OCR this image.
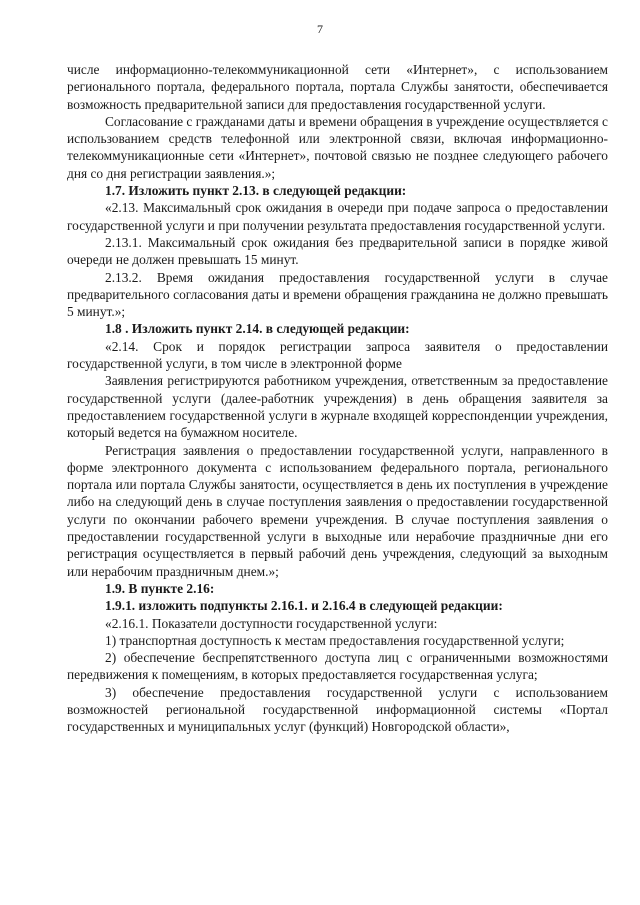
7

числе информационно-телекоммуникационной сети «Интернет», с использованием регионального портала, федерального портала, портала Службы занятости, обеспечивается возможность предварительной записи для предоставления государственной услуги.

Согласование с гражданами даты и времени обращения в учреждение осуществляется с использованием средств телефонной или электронной связи, включая информационно-телекоммуникационные сети «Интернет», почтовой связью не позднее следующего рабочего дня со дня регистрации заявления.»;

1.7. Изложить пункт 2.13. в следующей редакции:

«2.13. Максимальный срок ожидания в очереди при подаче запроса о предоставлении государственной услуги и при получении результата предоставления государственной услуги.

2.13.1. Максимальный срок ожидания без предварительной записи в порядке живой очереди не должен превышать 15 минут.

2.13.2. Время ожидания предоставления государственной услуги в случае предварительного согласования даты и времени обращения гражданина не должно превышать 5 минут.»;

1.8 . Изложить пункт 2.14. в следующей редакции:

«2.14. Срок и порядок регистрации запроса заявителя о предоставлении государственной услуги, в том числе в электронной форме

Заявления регистрируются работником учреждения, ответственным за предоставление государственной услуги (далее-работник учреждения) в день обращения заявителя за предоставлением государственной услуги в журнале входящей корреспонденции учреждения, который ведется на бумажном носителе.

Регистрация заявления о предоставлении государственной услуги, направленного в форме электронного документа с использованием федерального портала, регионального портала или портала Службы занятости, осуществляется в день их поступления в учреждение либо на следующий день в случае поступления заявления о предоставлении государственной услуги по окончании рабочего времени учреждения. В случае поступления заявления о предоставлении государственной услуги в выходные или нерабочие праздничные дни его регистрация осуществляется в первый рабочий день учреждения, следующий за выходным или нерабочим праздничным днем.»;

1.9. В пункте 2.16:

1.9.1. изложить подпункты 2.16.1. и 2.16.4 в следующей редакции:

«2.16.1. Показатели доступности государственной услуги:

1) транспортная доступность к местам предоставления государственной услуги;

2) обеспечение беспрепятственного доступа лиц с ограниченными возможностями передвижения к помещениям, в которых предоставляется государственная услуга;

3) обеспечение предоставления государственной услуги с использованием возможностей региональной государственной информационной системы «Портал государственных и муниципальных услуг (функций) Новгородской области»,
